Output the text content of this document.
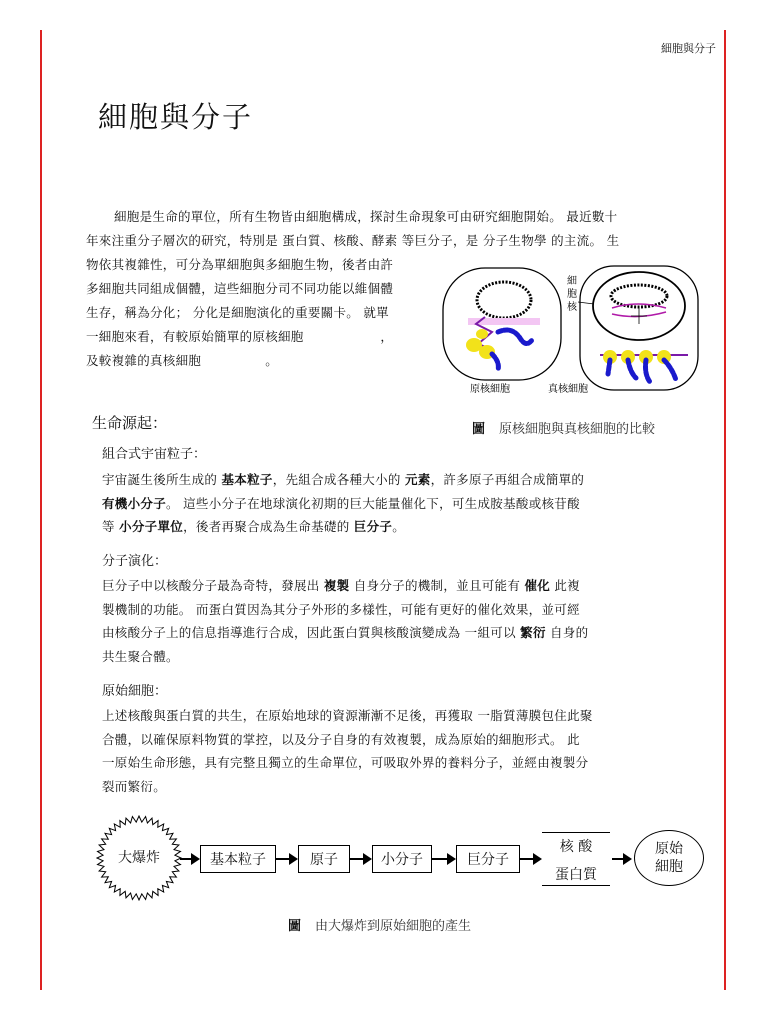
細胞與分子
細胞與分子
細胞是生命的單位，所有生物皆由細胞構成，探討生命現象可由研究細胞開始。 最近數十
年來注重分子層次的研究，特別是 蛋白質、核酸、酵素 等巨分子，是 分子生物學 的主流。 生
物依其複雜性，可分為單細胞與多細胞生物，後者由許
多細胞共同組成個體，這些細胞分司不同功能以維個體
生存，稱為分化； 分化是細胞演化的重要關卡。 就單
一細胞來看，有較原始簡單的原核細胞　　　　　　，
及較複雜的真核細胞　　　　　。
原核細胞
細 胞 核
真核細胞
圖 原核細胞與真核細胞的比較
生命源起：
組合式宇宙粒子：
宇宙誕生後所生成的 基本粒子，先組合成各種大小的 元素，許多原子再組合成簡單的
有機小分子。 這些小分子在地球演化初期的巨大能量催化下，可生成胺基酸或核苷酸
等 小分子單位，後者再聚合成為生命基礎的 巨分子。
分子演化：
巨分子中以核酸分子最為奇特，發展出 複製 自身分子的機制，並且可能有 催化 此複
製機制的功能。 而蛋白質因為其分子外形的多樣性，可能有更好的催化效果，並可經
由核酸分子上的信息指導進行合成，因此蛋白質與核酸演變成為 一組可以 繁衍 自身的
共生聚合體。
原始細胞：
上述核酸與蛋白質的共生，在原始地球的資源漸漸不足後，再獲取 一脂質薄膜包住此聚
合體，以確保原料物質的掌控，以及分子自身的有效複製，成為原始的細胞形式。 此
一原始生命形態，具有完整且獨立的生命單位，可吸取外界的養料分子，並經由複製分
裂而繁衍。
大爆炸	基本粒子	原子	小分子	巨分子
核 酸
蛋白質
原始
細胞
圖 由大爆炸到原始細胞的產生
